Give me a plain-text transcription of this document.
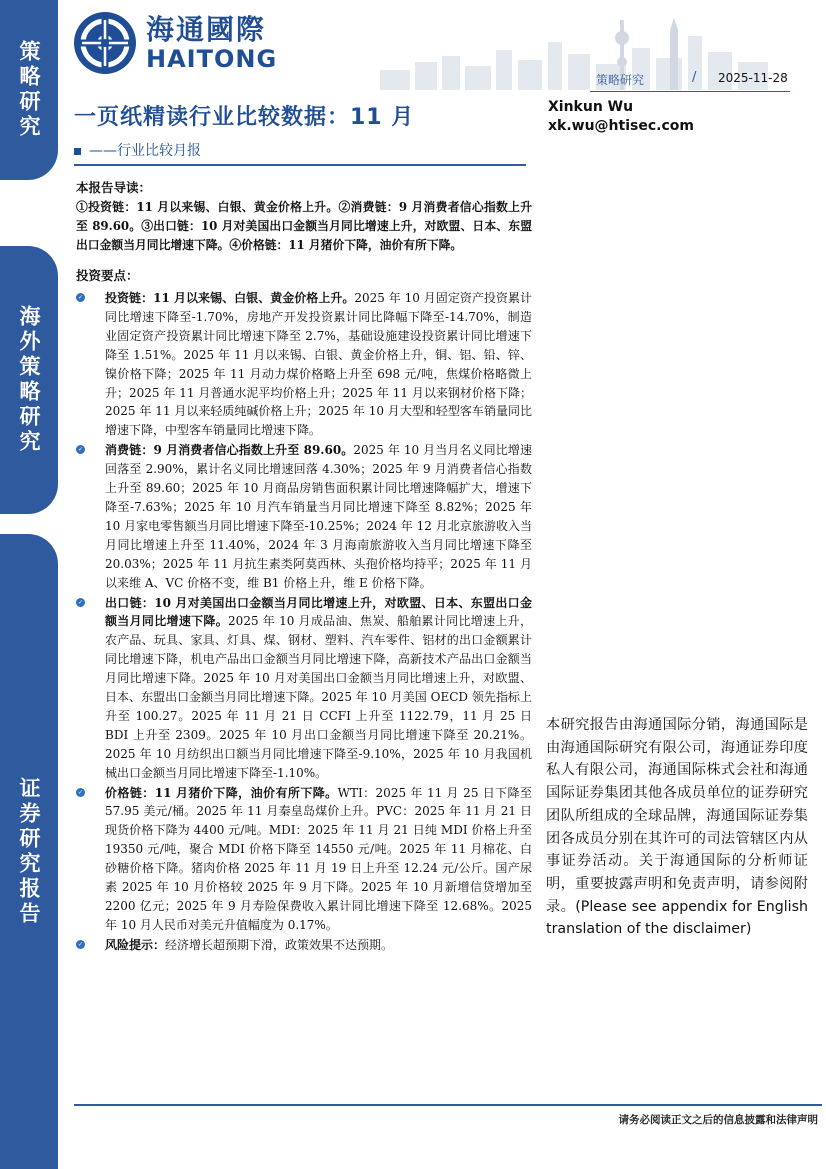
策略研究
海外策略研究
证券研究报告
海通國際
HAITONG
策略研究	/ 2025-11-28
一页纸精读行业比较数据：11 月
——行业比较月报
Xinkun Wu
xk.wu@htisec.com
本报告导读：
①投资链：11 月以来锡、白银、黄金价格上升。②消费链：9 月消费者信心指数上升至 89.60。③出口链：10 月对美国出口金额当月同比增速上升，对欧盟、日本、东盟出口金额当月同比增速下降。④价格链：11 月猪价下降，油价有所下降。
投资要点：
✓ 投资链：11 月以来锡、白银、黄金价格上升。2025 年 10 月固定资产投资累计同比增速下降至-1.70%，房地产开发投资累计同比降幅下降至-14.70%，制造业固定资产投资累计同比增速下降至 2.7%，基础设施建设投资累计同比增速下降至 1.51%。2025 年 11 月以来锡、白银、黄金价格上升，铜、铝、铅、锌、镍价格下降；2025 年 11 月动力煤价格略上升至 698 元/吨，焦煤价格略微上升；2025 年 11 月普通水泥平均价格上升；2025 年 11 月以来钢材价格下降；2025 年 11 月以来轻质纯碱价格上升；2025 年 10 月大型和轻型客车销量同比增速下降，中型客车销量同比增速下降。
✓ 消费链：9 月消费者信心指数上升至 89.60。2025 年 10 月当月名义同比增速回落至 2.90%，累计名义同比增速回落 4.30%；2025 年 9 月消费者信心指数上升至 89.60；2025 年 10 月商品房销售面积累计同比增速降幅扩大，增速下降至-7.63%；2025 年 10 月汽车销量当月同比增速下降至 8.82%；2025 年 10 月家电零售额当月同比增速下降至-10.25%；2024 年 12 月北京旅游收入当月同比增速上升至 11.40%，2024 年 3 月海南旅游收入当月同比增速下降至 20.03%；2025 年 11 月抗生素类阿莫西林、头孢价格均持平；2025 年 11 月以来维 A、VC 价格不变，维 B1 价格上升，维 E 价格下降。
✓ 出口链：10 月对美国出口金额当月同比增速上升，对欧盟、日本、东盟出口金额当月同比增速下降。2025 年 10 月成品油、焦炭、船舶累计同比增速上升，农产品、玩具、家具、灯具、煤、钢材、塑料、汽车零件、铝材的出口金额累计同比增速下降，机电产品出口金额当月同比增速下降，高新技术产品出口金额当月同比增速下降。2025 年 10 月对美国出口金额当月同比增速上升，对欧盟、日本、东盟出口金额当月同比增速下降。2025 年 10 月美国 OECD 领先指标上升至 100.27。2025 年 11 月 21 日 CCFI 上升至 1122.79，11 月 25 日 BDI 上升至 2309。2025 年 10 月出口金额当月同比增速下降至 20.21%。2025 年 10 月纺织出口额当月同比增速下降至-9.10%，2025 年 10 月我国机械出口金额当月同比增速下降至-1.10%。
✓ 价格链：11 月猪价下降，油价有所下降。WTI：2025 年 11 月 25 日下降至 57.95 美元/桶。2025 年 11 月秦皇岛煤价上升。PVC：2025 年 11 月 21 日现货价格下降为 4400 元/吨。MDI：2025 年 11 月 21 日纯 MDI 价格上升至 19350 元/吨，聚合 MDI 价格下降至 14550 元/吨。2025 年 11 月棉花、白砂糖价格下降。猪肉价格 2025 年 11 月 19 日上升至 12.24 元/公斤。国产尿素 2025 年 10 月价格较 2025 年 9 月下降。2025 年 10 月新增信贷增加至 2200 亿元；2025 年 9 月寿险保费收入累计同比增速下降至 12.68%。2025 年 10 月人民币对美元升值幅度为 0.17%。
✓ 风险提示：经济增长超预期下滑，政策效果不达预期。
本研究报告由海通国际分销，海通国际是由海通国际研究有限公司，海通证券印度私人有限公司，海通国际株式会社和海通国际证券集团其他各成员单位的证券研究团队所组成的全球品牌，海通国际证券集团各成员分别在其许可的司法管辖区内从事证券活动。关于海通国际的分析师证明，重要披露声明和免责声明，请参阅附录。(Please see appendix for English translation of the disclaimer)
请务必阅读正文之后的信息披露和法律声明
